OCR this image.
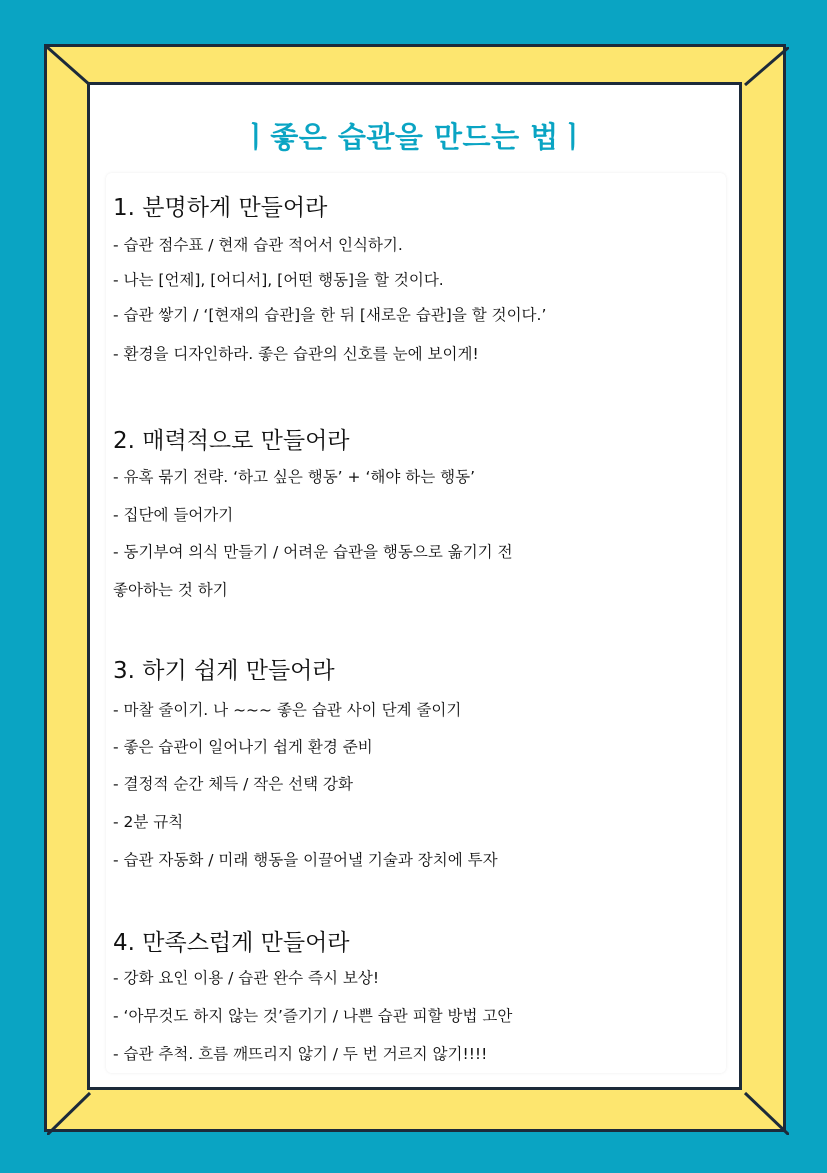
ㅣ좋은 습관을 만드는 법ㅣ
1. 분명하게 만들어라
- 습관 점수표 / 현재 습관 적어서 인식하기.
- 나는 [언제], [어디서], [어떤 행동]을 할 것이다.
- 습관 쌓기 / ‘[현재의 습관]을 한 뒤 [새로운 습관]을 할 것이다.’
- 환경을 디자인하라. 좋은 습관의 신호를 눈에 보이게!
2. 매력적으로 만들어라
- 유혹 묶기 전략. ‘하고 싶은 행동’ + ‘해야 하는 행동’
- 집단에 들어가기
- 동기부여 의식 만들기 / 어려운 습관을 행동으로 옮기기 전
좋아하는 것 하기
3. 하기 쉽게 만들어라
- 마찰 줄이기. 나 ~~~ 좋은 습관 사이 단계 줄이기
- 좋은 습관이 일어나기 쉽게 환경 준비
- 결정적 순간 체득 / 작은 선택 강화
- 2분 규칙
- 습관 자동화 / 미래 행동을 이끌어낼 기술과 장치에 투자
4. 만족스럽게 만들어라
- 강화 요인 이용 / 습관 완수 즉시 보상!
- ‘아무것도 하지 않는 것’즐기기 / 나쁜 습관 피할 방법 고안
- 습관 추척. 흐름 깨뜨리지 않기 / 두 번 거르지 않기!!!!
